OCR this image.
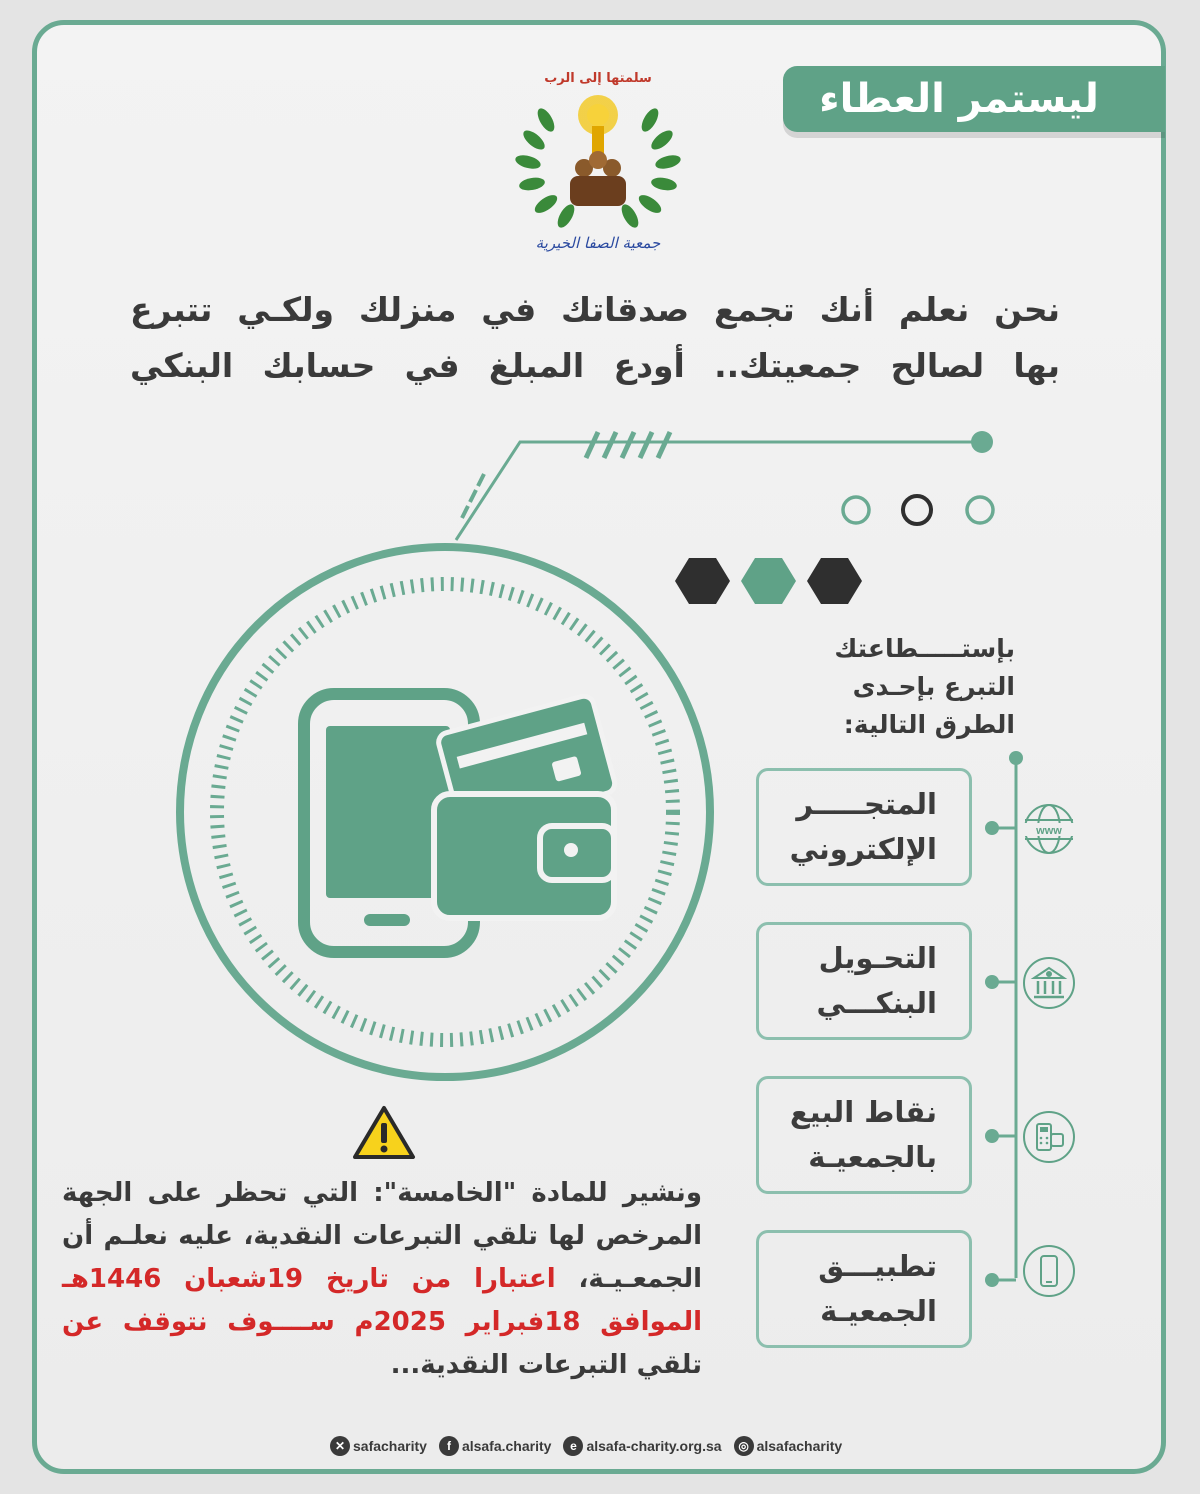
ليستمر العطاء
سلمتها إلى الرب
جمعية الصفا الخيرية
نحن نعلم أنك تجمع صدقاتك في منزلك ولكـي تتبرع
بها لصالح جمعيتك.. أودع المبلغ في حسابك البنكي
بإستـــــطاعتك
التبرع بإحـدى
الطرق التالية:
المتجـــــر
الإلكتروني
www
التحـويل
البنكـــي
نقاط البيع
بالجمعيـة
تطبيـــق
الجمعيـة
ونشير للمادة "الخامسة": التي تحظر على الجهة المرخص لها تلقي التبرعات النقدية، عليه نعلـم أن الجمعـيـة، اعتبارا من تاريخ 19شعبان 1446هـ الموافق 18فبراير 2025م ســــوف نتوقف عن تلقي التبرعات النقدية...
✕ safacharity	f alsafa.charity	e alsafa-charity.org.sa	◎ alsafacharity
